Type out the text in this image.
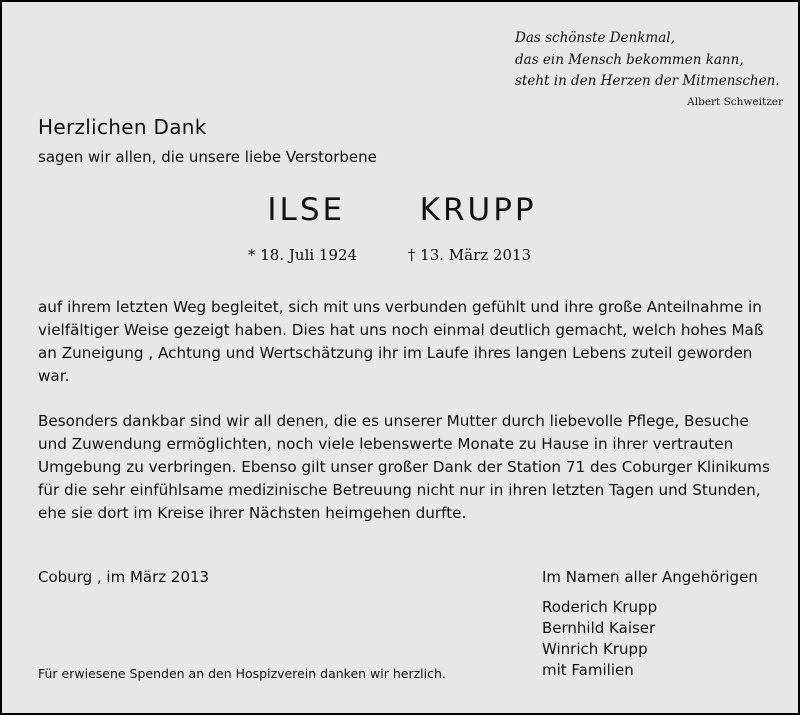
Das schönste Denkmal,
das ein Mensch bekommen kann,
steht in den Herzen der Mitmenschen.
Albert Schweitzer
Herzlichen Dank
sagen wir allen, die unsere liebe Verstorbene
ILSE   KRUPP
* 18. Juli 1924	† 13. März 2013
auf ihrem letzten Weg begleitet, sich mit uns verbunden gefühlt und ihre große Anteilnahme in vielfältiger Weise gezeigt haben. Dies hat uns noch einmal deutlich gemacht, welch hohes Maß an Zuneigung , Achtung und Wertschätzung ihr im Laufe ihres langen Lebens zuteil geworden war.
Besonders dankbar sind wir all denen, die es unserer Mutter durch liebevolle Pflege, Besuche und Zuwendung ermöglichten, noch viele lebenswerte Monate zu Hause in ihrer vertrauten Umgebung zu verbringen. Ebenso gilt unser großer Dank der Station 71 des Coburger Klinikums für die sehr einfühlsame medizinische Betreuung nicht nur in ihren letzten Tagen und Stunden, ehe sie dort im Kreise ihrer Nächsten heimgehen durfte.
Coburg , im März 2013	Im Namen aller Angehörigen
Roderich Krupp
Bernhild Kaiser
Winrich Krupp
mit Familien
Für erwiesene Spenden an den Hospizverein danken wir herzlich.
